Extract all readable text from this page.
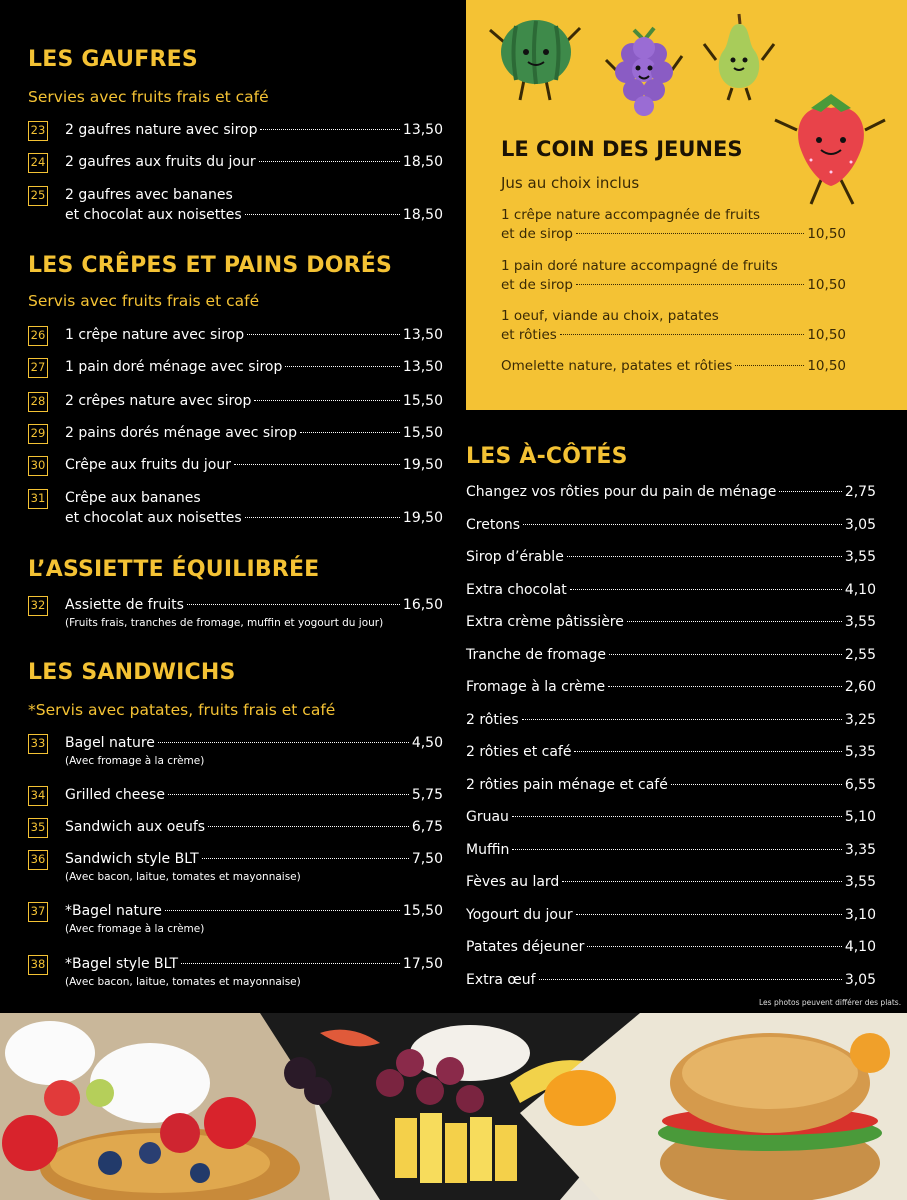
LES GAUFRES
Servies avec fruits frais et café
23 2 gaufres nature avec sirop	13,50
24 2 gaufres aux fruits du jour	18,50
25 2 gaufres avec bananes
et chocolat aux noisettes	18,50
LES CRÊPES ET PAINS DORÉS
Servis avec fruits frais et café
26 1 crêpe nature avec sirop	13,50
27 1 pain doré ménage avec sirop	13,50
28 2 crêpes nature avec sirop	15,50
29 2 pains dorés ménage avec sirop	15,50
30 Crêpe aux fruits du jour	19,50
31 Crêpe aux bananes
et chocolat aux noisettes	19,50
L’ASSIETTE ÉQUILIBRÉE
32 Assiette de fruits	16,50
(Fruits frais, tranches de fromage, muffin et yogourt du jour)
LES SANDWICHS
*Servis avec patates, fruits frais et café
33 Bagel nature	4,50
(Avec fromage à la crème)
34 Grilled cheese	5,75
35 Sandwich aux oeufs	6,75
36 Sandwich style BLT	7,50
(Avec bacon, laitue, tomates et mayonnaise)
37 *Bagel nature	15,50
(Avec fromage à la crème)
38 *Bagel style BLT	17,50
(Avec bacon, laitue, tomates et mayonnaise)
LE COIN DES JEUNES
Jus au choix inclus
1 crêpe nature accompagnée de fruits
et de sirop	10,50
1 pain doré nature accompagné de fruits
et de sirop	10,50
1 oeuf, viande au choix, patates
et rôties	10,50
Omelette nature, patates et rôties	10,50
LES À-CÔTÉS
Changez vos rôties pour du pain de ménage	2,75
Cretons	3,05
Sirop d’érable	3,55
Extra chocolat	4,10
Extra crème pâtissière	3,55
Tranche de fromage	2,55
Fromage à la crème	2,60
2 rôties	3,25
2 rôties et café	5,35
2 rôties pain ménage et café	6,55
Gruau	5,10
Muffin	3,35
Fèves au lard	3,55
Yogourt du jour	3,10
Patates déjeuner	4,10
Extra œuf	3,05
Les photos peuvent différer des plats.
